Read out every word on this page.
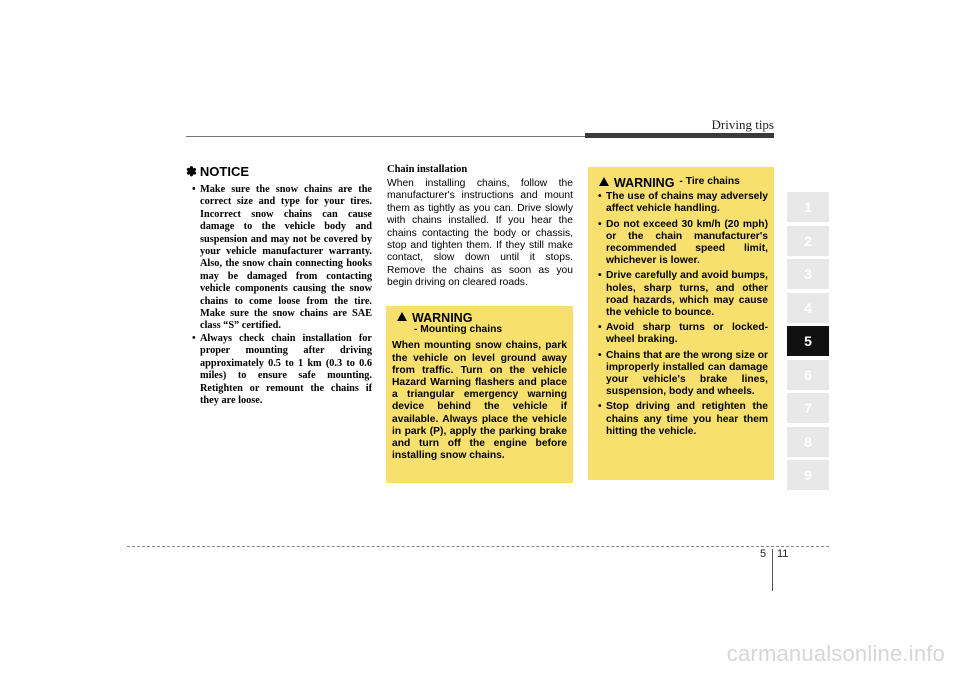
Driving tips
✽ NOTICE
• Make sure the snow chains are the correct size and type for your tires. Incorrect snow chains can cause damage to the vehicle body and suspension and may not be covered by your vehicle manufacturer warranty. Also, the snow chain connecting hooks may be damaged from contacting vehicle components causing the snow chains to come loose from the tire. Make sure the snow chains are SAE class “S” certified.
• Always check chain installation for proper mounting after driving approximately 0.5 to 1 km (0.3 to 0.6 miles) to ensure safe mounting. Retighten or remount the chains if they are loose.
Chain installation

When installing chains, follow the manufacturer's instructions and mount them as tightly as you can. Drive slowly with chains installed. If you hear the chains contacting the body or chassis, stop and tighten them. If they still make contact, slow down until it stops. Remove the chains as soon as you begin driving on cleared roads.

WARNING
- Mounting chains

When mounting snow chains, park the vehicle on level ground away from traffic. Turn on the vehicle Hazard Warning flashers and place a triangular emergency warning device behind the vehicle if available. Always place the vehicle in park (P), apply the parking brake and turn off the engine before installing snow chains.

WARNING - Tire chains
• The use of chains may adversely affect vehicle handling.
• Do not exceed 30 km/h (20 mph) or the chain manufacturer's recommended speed limit, whichever is lower.
• Drive carefully and avoid bumps, holes, sharp turns, and other road hazards, which may cause the vehicle to bounce.
• Avoid sharp turns or locked-wheel braking.
• Chains that are the wrong size or improperly installed can damage your vehicle's brake lines, suspension, body and wheels.
• Stop driving and retighten the chains any time you hear them hitting the vehicle.
1
2
3
4
5
6
7
8
9
5 11
carmanualsonline.info
